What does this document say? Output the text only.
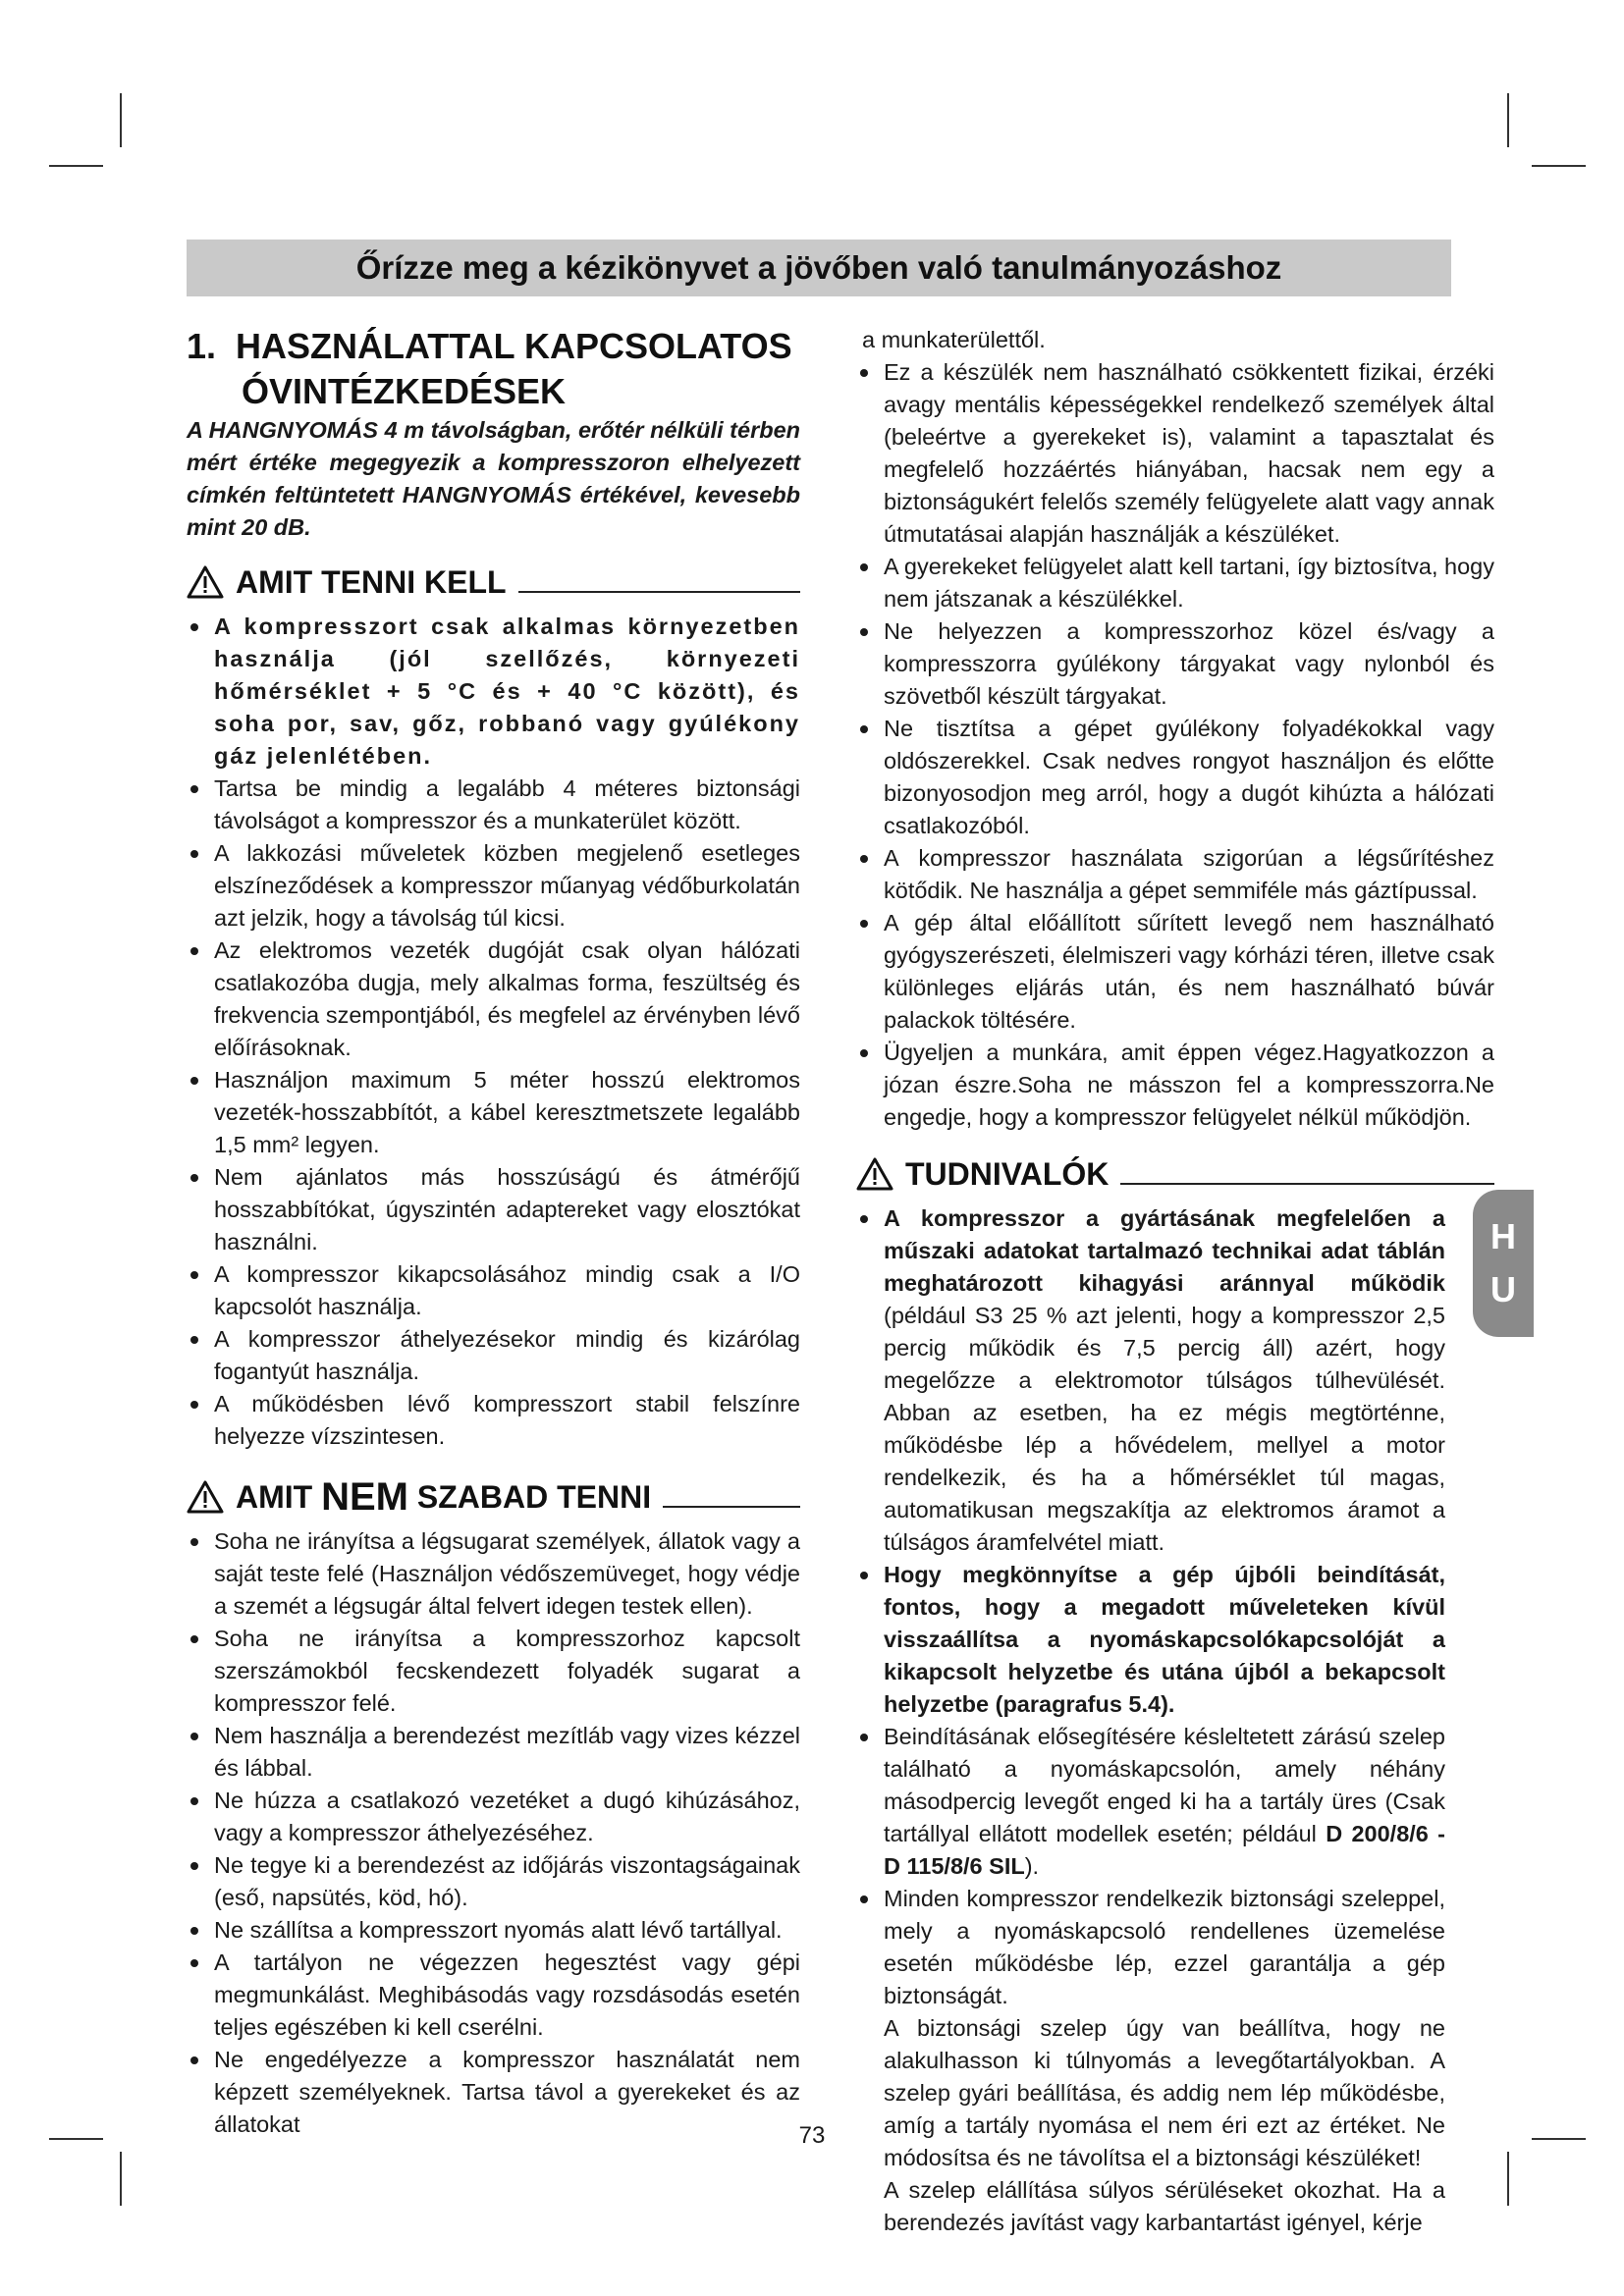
Őrízze meg a kézikönyvet a jövőben való tanulmányozáshoz
1. HASZNÁLATTAL KAPCSOLATOS
ÓVINTÉZKEDÉSEK

A HANGNYOMÁS 4 m távolságban, erőtér nélküli térben mért értéke megegyezik a kompresszoron elhelyezett címkén feltüntetett HANGNYOMÁS értékével, kevesebb mint 20 dB.

AMIT TENNI KELL
A kompresszort csak alkalmas környezetben használja (jól szellőzés, környezeti hőmérséklet + 5 °C és + 40 °C között), és soha por, sav, gőz, robbanó vagy gyúlékony gáz jelenlétében.
Tartsa be mindig a legalább 4 méteres biztonsági távolságot a kompresszor és a munkaterület között.
A lakkozási műveletek közben megjelenő esetleges elszíneződések a kompresszor műanyag védőburkolatán azt jelzik, hogy a távolság túl kicsi.
Az elektromos vezeték dugóját csak olyan hálózati csatlakozóba dugja, mely alkalmas forma, feszültség és frekvencia szempontjából, és megfelel az érvényben lévő előírásoknak.
Használjon maximum 5 méter hosszú elektromos vezeték-hosszabbítót, a kábel keresztmetszete legalább 1,5 mm² legyen.
Nem ajánlatos más hosszúságú és átmérőjű hosszabbítókat, úgyszintén adaptereket vagy elosztókat használni.
A kompresszor kikapcsolásához mindig csak a I/O kapcsolót használja.
A kompresszor áthelyezésekor mindig és kizárólag fogantyút használja.
A működésben lévő kompresszort stabil felszínre helyezze vízszintesen.
AMIT
NEM
SZABAD TENNI
Soha ne irányítsa a légsugarat személyek, állatok vagy a saját teste felé (Használjon védőszemüveget, hogy védje a szemét a légsugár által felvert idegen testek ellen).
Soha ne irányítsa a kompresszorhoz kapcsolt szerszámokból fecskendezett folyadék sugarat a kompresszor felé.
Nem használja a berendezést mezítláb vagy vizes kézzel és lábbal.
Ne húzza a csatlakozó vezetéket a dugó kihúzásához, vagy a kompresszor áthelyezéséhez.
Ne tegye ki a berendezést az időjárás viszontagságainak (eső, napsütés, köd, hó).
Ne szállítsa a kompresszort nyomás alatt lévő tartállyal.
A tartályon ne végezzen hegesztést vagy gépi megmunkálást. Meghibásodás vagy rozsdásodás esetén teljes egészében ki kell cserélni.
Ne engedélyezze a kompresszor használatát nem képzett személyeknek. Tartsa távol a gyerekeket és az állatokat

a munkaterülettől.

Ez a készülék nem használható csökkentett fizikai, érzéki avagy mentális képességekkel rendelkező személyek által (beleértve a gyerekeket is), valamint a tapasztalat és megfelelő hozzáértés hiányában, hacsak nem egy a biztonságukért felelős személy felügyelete alatt vagy annak útmutatásai alapján használják a készüléket.
A gyerekeket felügyelet alatt kell tartani, így biztosítva, hogy nem játszanak a készülékkel.
Ne helyezzen a kompresszorhoz közel és/vagy a kompresszorra gyúlékony tárgyakat vagy nylonból és szövetből készült tárgyakat.
Ne tisztítsa a gépet gyúlékony folyadékokkal vagy oldószerekkel. Csak nedves rongyot használjon és előtte bizonyosodjon meg arról, hogy a dugót kihúzta a hálózati csatlakozóból.
A kompresszor használata szigorúan a légsűrítéshez kötődik. Ne használja a gépet semmiféle más gáztípussal.
A gép által előállított sűrített levegő nem használható gyógyszerészeti, élelmiszeri vagy kórházi téren, illetve csak különleges eljárás után, és nem használható búvár palackok töltésére.
Ügyeljen a munkára, amit éppen végez.Hagyatkozzon a józan észre.Soha ne másszon fel a kompresszorra.Ne engedje, hogy a kompresszor felügyelet nélkül működjön.
TUDNIVALÓK
A kompresszor a gyártásának megfelelően a műszaki adatokat tartalmazó technikai adat táblán meghatározott kihagyási aránnyal működik (például S3 25 % azt jelenti, hogy a kompresszor 2,5 percig működik és 7,5 percig áll) azért, hogy megelőzze a elektromotor túlságos túlhevülését. Abban az esetben, ha ez mégis megtörténne, működésbe lép a hővédelem, mellyel a motor rendelkezik, és ha a hőmérséklet túl magas, automatikusan megszakítja az elektromos áramot a túlságos áramfelvétel miatt.
Hogy megkönnyítse a gép újbóli beindítását, fontos, hogy a megadott műveleteken kívül visszaállítsa a nyomáskapcsolókapcsolóját a kikapcsolt helyzetbe és utána újból a bekapcsolt helyzetbe (paragrafus 5.4).
Beindításának elősegítésére késleltetett zárású szelep található a nyomáskapcsolón, amely néhány másodpercig levegőt enged ki ha a tartály üres (Csak tartállyal ellátott modellek esetén; például D 200/8/6 - D 115/8/6 SIL).
Minden kompresszor rendelkezik biztonsági szeleppel, mely a nyomáskapcsoló rendellenes üzemelése esetén működésbe lép, ezzel garantálja a gép biztonságát.
A biztonsági szelep úgy van beállítva, hogy ne alakulhasson ki túlnyomás a levegőtartályokban. A szelep gyári beállítása, és addig nem lép működésbe, amíg a tartály nyomása el nem éri ezt az értéket. Ne módosítsa és ne távolítsa el a biztonsági készüléket!
A szelep elállítása súlyos sérüléseket okozhat. Ha a berendezés javítást vagy karbantartást igényel, kérje
H
U
73
